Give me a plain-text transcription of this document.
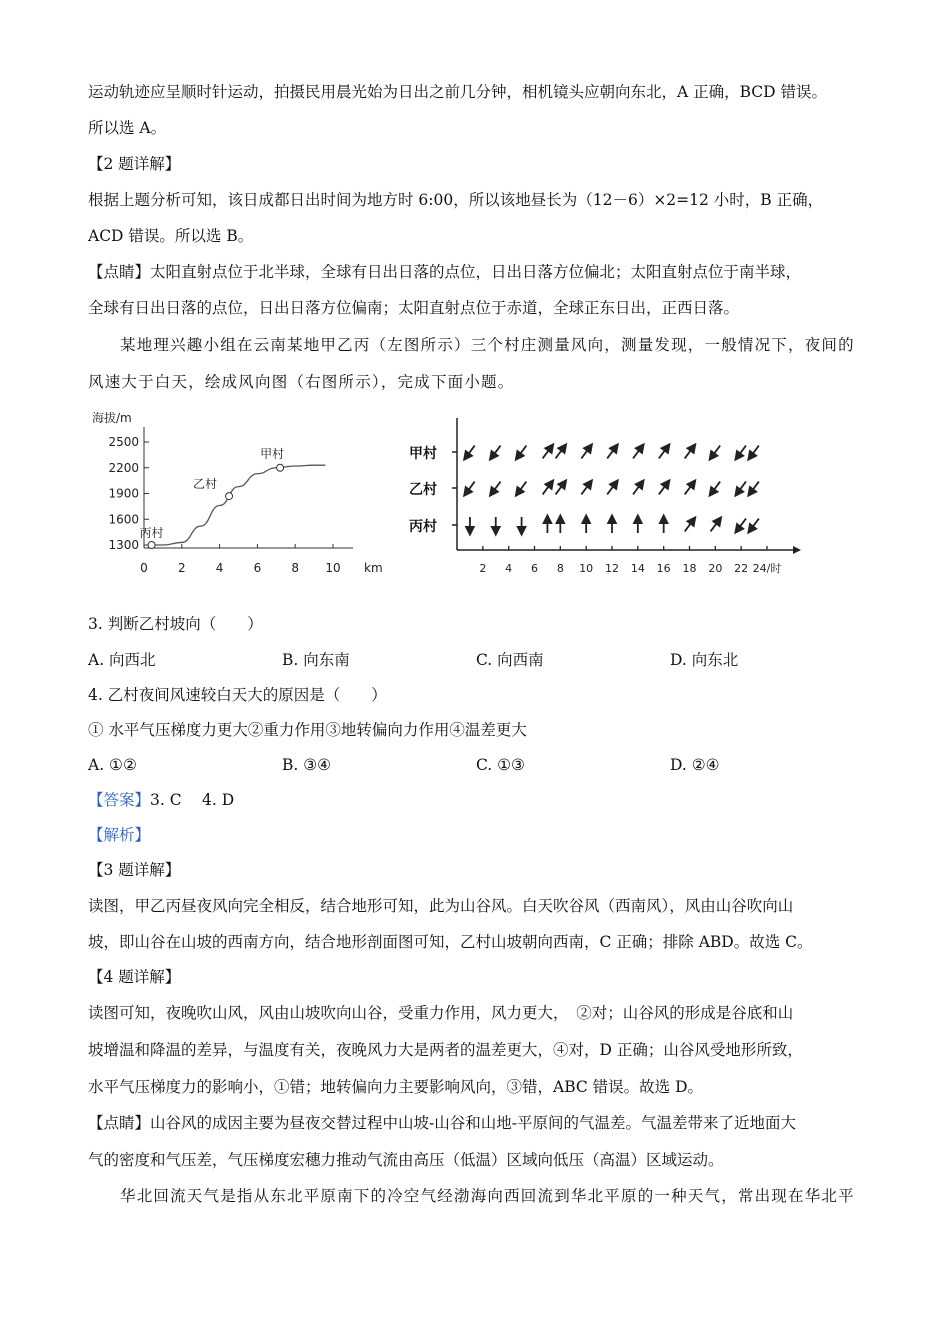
运动轨迹应呈顺时针运动，拍摄民用晨光始为日出之前几分钟，相机镜头应朝向东北，A 正确，BCD 错误。
所以选 A。
【2 题详解】
根据上题分析可知，该日成都日出时间为地方时 6:00，所以该地昼长为（12－6）×2=12 小时，B 正确，
ACD 错误。所以选 B。
【点睛】太阳直射点位于北半球，全球有日出日落的点位，日出日落方位偏北；太阳直射点位于南半球，
全球有日出日落的点位，日出日落方位偏南；太阳直射点位于赤道，全球正东日出，正西日落。
某地理兴趣小组在云南某地甲乙丙（左图所示）三个村庄测量风向，测量发现，一般情况下，夜间的
风速大于白天，绘成风向图（右图所示），完成下面小题。
海拔/m
2500
2200
1900
1600
1300
0	2	4	6	8 10 km
丙村
乙村
甲村	甲村
乙村
丙村
2 4 6 8 10 12 14 16 18 20 22 24/时
3. 判断乙村坡向（　　）
A. 向西北	B. 向东南	C. 向西南	D. 向东北
4. 乙村夜间风速较白天大的原因是（　　）
① 水平气压梯度力更大②重力作用③地转偏向力作用④温差更大
A. ①②	B. ③④	C. ①③	D. ②④
【答案】3. C　 4. D
【解析】
【3 题详解】
读图，甲乙丙昼夜风向完全相反，结合地形可知，此为山谷风。白天吹谷风（西南风），风由山谷吹向山
坡，即山谷在山坡的西南方向，结合地形剖面图可知，乙村山坡朝向西南，C 正确；排除 ABD。故选 C。
【4 题详解】
读图可知，夜晚吹山风，风由山坡吹向山谷，受重力作用，风力更大，　②对；山谷风的形成是谷底和山
坡增温和降温的差异，与温度有关，夜晚风力大是两者的温差更大，④对，D 正确；山谷风受地形所致，
水平气压梯度力的影响小，①错；地转偏向力主要影响风向，③错，ABC 错误。故选 D。
【点睛】山谷风的成因主要为昼夜交替过程中山坡-山谷和山地-平原间的气温差。气温差带来了近地面大
气的密度和气压差，气压梯度宏穗力推动气流由高压（低温）区域向低压（高温）区域运动。
华北回流天气是指从东北平原南下的冷空气经渤海向西回流到华北平原的一种天气，常出现在华北平
